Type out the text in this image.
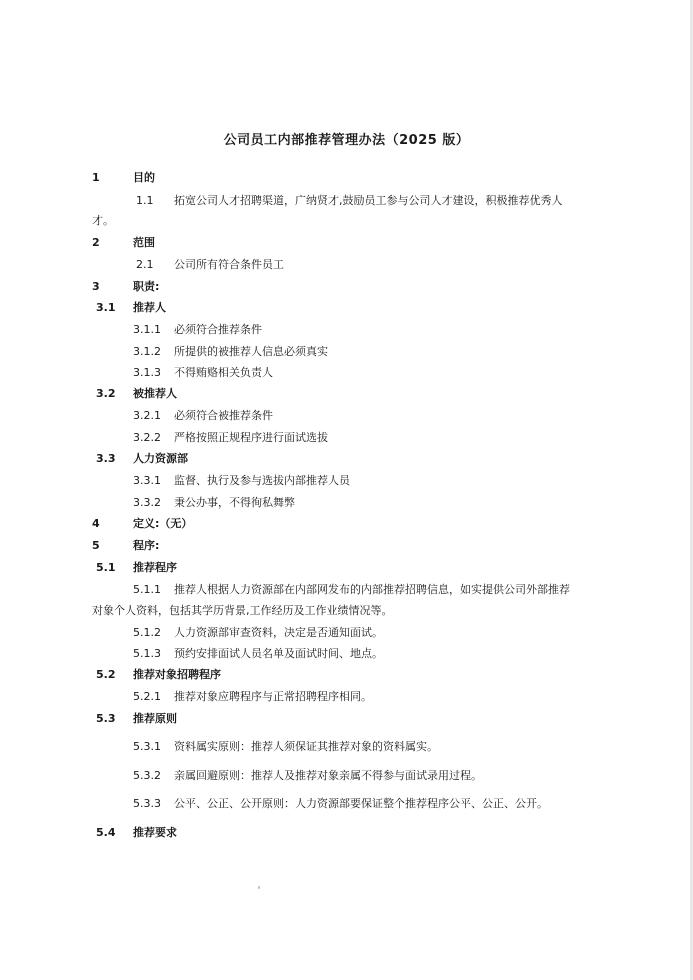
公司员工内部推荐管理办法（2025 版）
1	目的
1.1 拓宽公司人才招聘渠道，广纳贤才,鼓励员工参与公司人才建设，积极推荐优秀人
才。
2	范围
2.1 公司所有符合条件员工
3	职责:
3.1 推荐人
3.1.1 必须符合推荐条件
3.1.2 所提供的被推荐人信息必须真实
3.1.3 不得贿赂相关负责人
3.2 被推荐人
3.2.1 必须符合被推荐条件
3.2.2 严格按照正规程序进行面试选拔
3.3 人力资源部
3.3.1 监督、执行及参与选拔内部推荐人员
3.3.2 秉公办事，不得徇私舞弊
4	定义:（无）
5	程序:
5.1 推荐程序
5.1.1 推荐人根据人力资源部在内部网发布的内部推荐招聘信息，如实提供公司外部推荐
对象个人资料，包括其学历背景,工作经历及工作业绩情况等。
5.1.2 人力资源部审查资料，决定是否通知面试。
5.1.3 预约安排面试人员名单及面试时间、地点。
5.2 推荐对象招聘程序
5.2.1 推荐对象应聘程序与正常招聘程序相同。
5.3 推荐原则
5.3.1 资料属实原则：推荐人须保证其推荐对象的资料属实。
5.3.2 亲属回避原则：推荐人及推荐对象亲属不得参与面试录用过程。
5.3.3 公平、公正、公开原则：人力资源部要保证整个推荐程序公平、公正、公开。
5.4 推荐要求
